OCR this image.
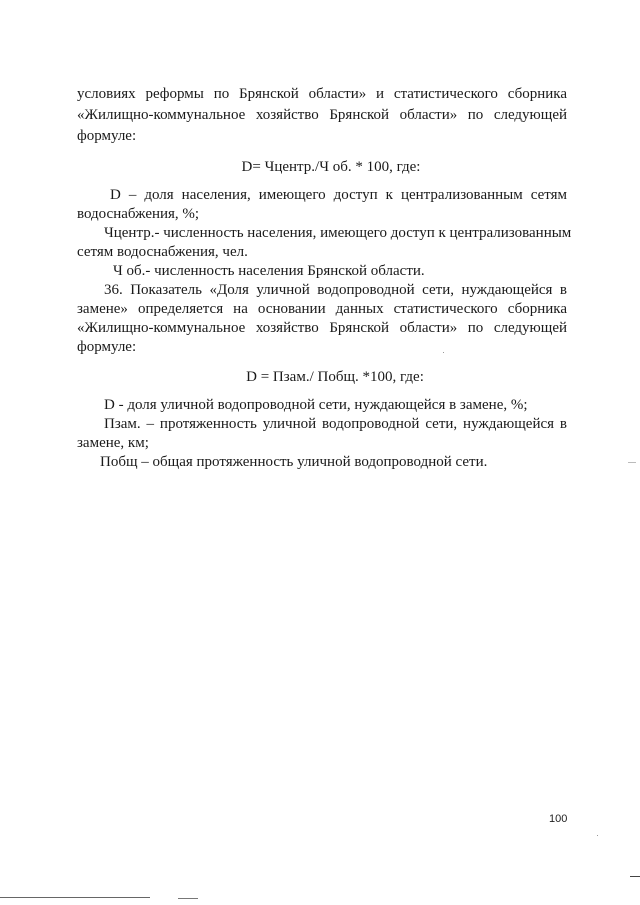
условиях реформы по Брянской области» и статистического сборника
«Жилищно-коммунальное хозяйство Брянской области» по следующей
формуле:
D= Чцентр./Ч об. * 100, где:
D – доля населения, имеющего доступ к централизованным сетям
водоснабжения, %;
Чцентр.- численность населения, имеющего доступ к централизованным
сетям водоснабжения, чел.
Ч об.- численность населения Брянской области.
36. Показатель «Доля уличной водопроводной сети, нуждающейся в
замене» определяется на основании данных статистического сборника
«Жилищно-коммунальное хозяйство Брянской области» по следующей
формуле:
D = Пзам./ Побщ. *100, где:
D - доля уличной водопроводной сети, нуждающейся в замене, %;
Пзам. – протяженность уличной водопроводной сети, нуждающейся в
замене, км;
Побщ – общая протяженность уличной водопроводной сети.
100
